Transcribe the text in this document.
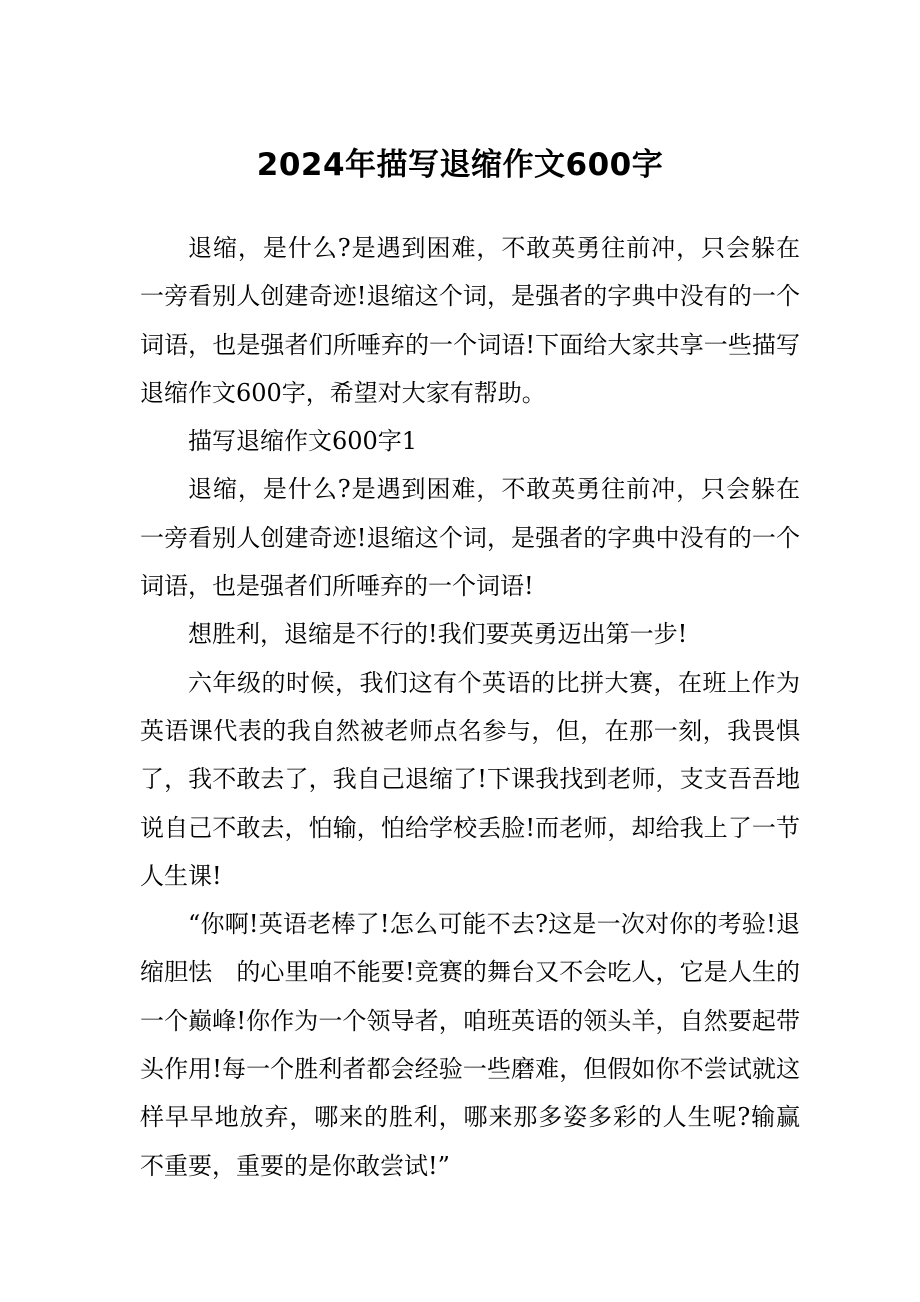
2024年描写退缩作文600字

退缩，是什么?是遇到困难，不敢英勇往前冲，只会躲在一旁看别人创建奇迹!退缩这个词，是强者的字典中没有的一个词语，也是强者们所唾弃的一个词语!下面给大家共享一些描写退缩作文600字，希望对大家有帮助。

描写退缩作文600字1

退缩，是什么?是遇到困难，不敢英勇往前冲，只会躲在一旁看别人创建奇迹!退缩这个词，是强者的字典中没有的一个词语，也是强者们所唾弃的一个词语!

想胜利，退缩是不行的!我们要英勇迈出第一步!

六年级的时候，我们这有个英语的比拼大赛，在班上作为英语课代表的我自然被老师点名参与，但，在那一刻，我畏惧了，我不敢去了，我自己退缩了!下课我找到老师，支支吾吾地说自己不敢去，怕输，怕给学校丢脸!而老师，却给我上了一节人生课!

“你啊!英语老棒了!怎么可能不去?这是一次对你的考验!退缩胆怯　的心里咱不能要!竞赛的舞台又不会吃人，它是人生的一个巅峰!你作为一个领导者，咱班英语的领头羊，自然要起带头作用!每一个胜利者都会经验一些磨难，但假如你不尝试就这样早早地放弃，哪来的胜利，哪来那多姿多彩的人生呢?输赢不重要，重要的是你敢尝试!”
